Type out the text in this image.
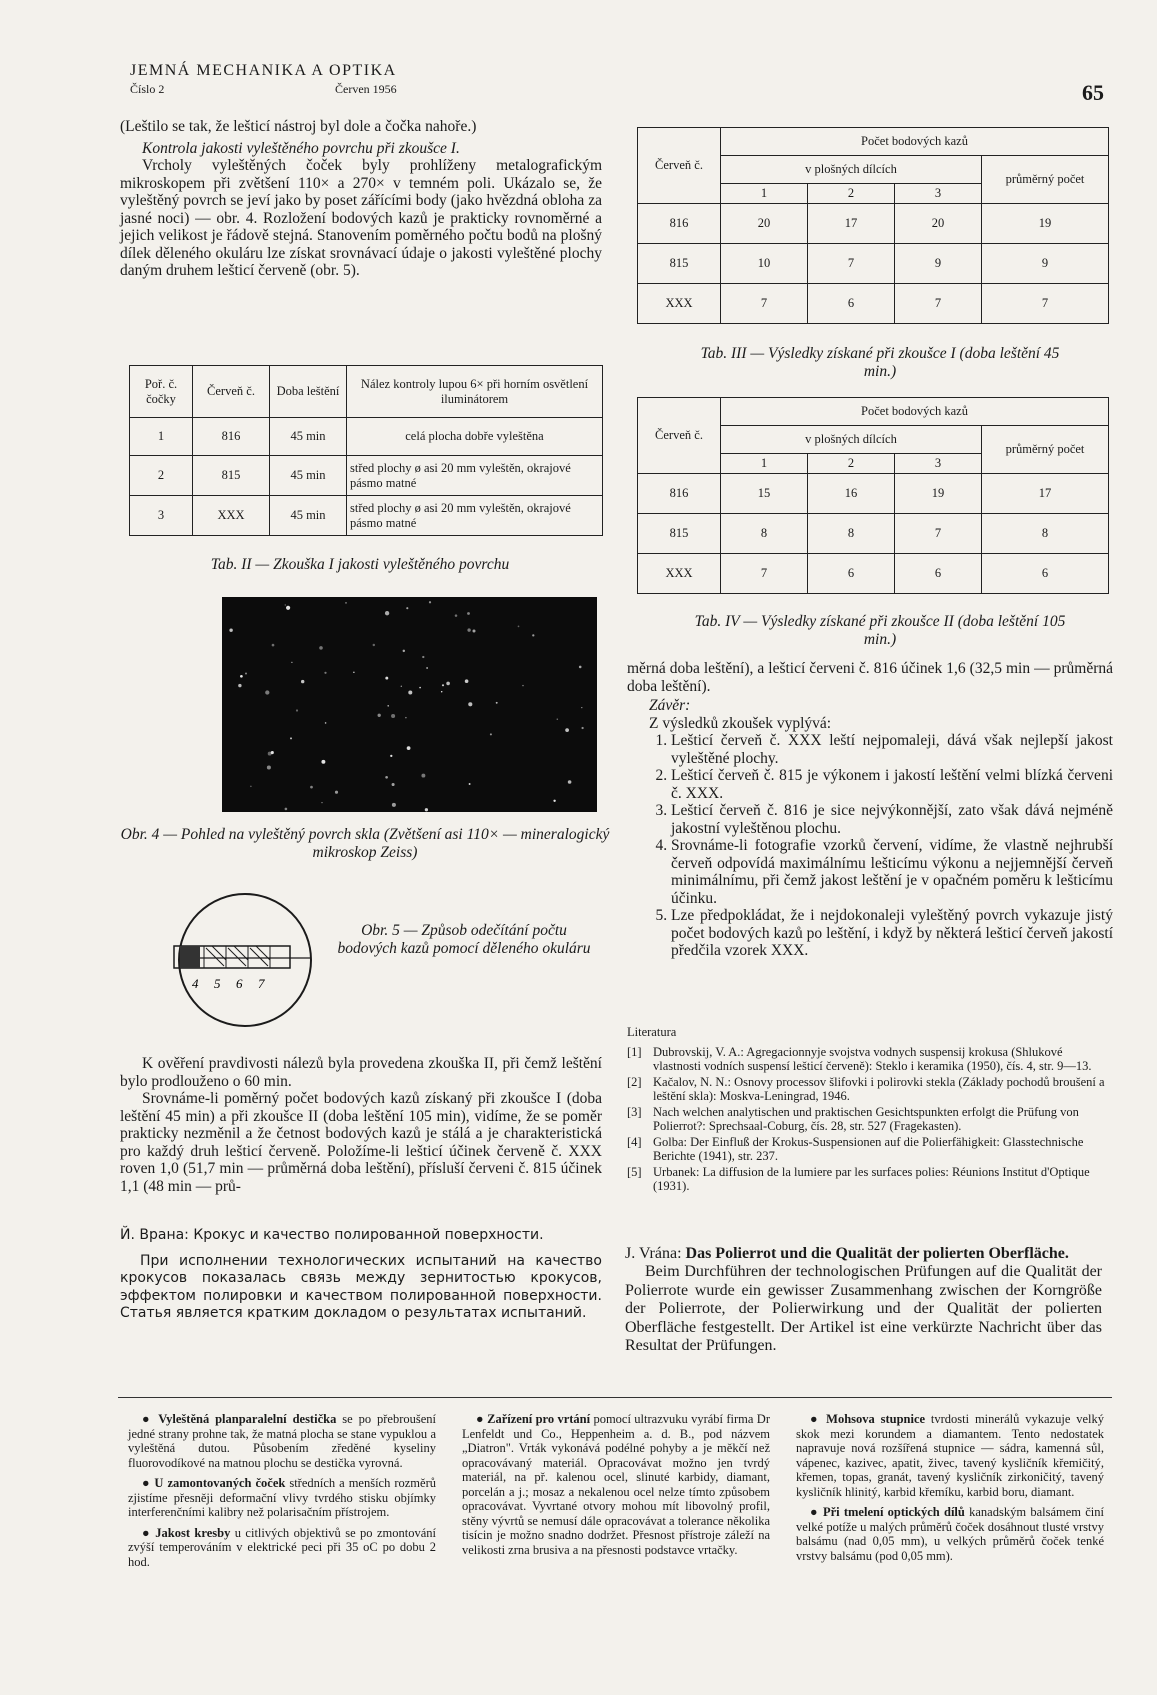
JEMNÁ MECHANIKA A OPTIKA
Číslo 2	Červen 1956	65

(Leštilo se tak, že lešticí nástroj byl dole a čočka nahoře.)

Kontrola jakosti vyleštěného povrchu při zkoušce I.

Vrcholy vyleštěných čoček byly prohlíženy metalografickým mikroskopem při zvětšení 110× a 270× v temném poli. Ukázalo se, že vyleštěný povrch se jeví jako by poset zářícími body (jako hvězdná obloha za jasné noci) — obr. 4. Rozložení bodových kazů je prakticky rovnoměrné a jejich velikost je řádově stejná. Stanovením poměrného počtu bodů na plošný dílek děleného okuláru lze získat srovnávací údaje o jakosti vyleštěné plochy daným druhem lešticí červeně (obr. 5).

Poř. č. čočky	Červeň č.	Doba leštění	Nález kontroly lupou 6× při horním osvětlení iluminátorem
1	816	45 min	celá plocha dobře vyleštěna
2	815	45 min	střed plochy ø asi 20 mm vyleštěn, okrajové pásmo matné
3	XXX	45 min	střed plochy ø asi 20 mm vyleštěn, okrajové pásmo matné
Tab. II — Zkouška I jakosti vyleštěného povrchu
Obr. 4 — Pohled na vyleštěný povrch skla (Zvětšení asi 110× — mineralogický mikroskop Zeiss)
4 5 6 7
Obr. 5 — Způsob odečítání počtu bodových kazů pomocí děleného okuláru

K ověření pravdivosti nálezů byla provedena zkouška II, při čemž leštění bylo prodlouženo o 60 min.

Srovnáme-li poměrný počet bodových kazů získaný při zkoušce I (doba leštění 45 min) a při zkoušce II (doba leštění 105 min), vidíme, že se poměr prakticky nezměnil a že četnost bodových kazů je stálá a je charakteristická pro každý druh lešticí červeně. Položíme-li lešticí účinek červeně č. XXX roven 1,0 (51,7 min — průměrná doba leštění), přísluší červeni č. 815 účinek 1,1 (48 min — prů-

Й. Врана: Крокус и качество полированной поверхности.

При исполнении технологических испытаний на качество крокусов показалась связь между зернитостью крокусов, эффектом полировки и качеством полированной поверхности. Статья является кратким докладом о результатах испытаний.

Červeň č.	Počet bodových kazů			
	v plošných dílcích			průměrný počet
	1	2	3	
816	20	17	20	19
815	10	7	9	9
XXX	7	6	7	7
Tab. III — Výsledky získané při zkoušce I (doba leštění 45 min.)
Červeň č.	Počet bodových kazů			
	v plošných dílcích			průměrný počet
	1	2	3	
816	15	16	19	17
815	8	8	7	8
XXX	7	6	6	6
Tab. IV — Výsledky získané při zkoušce II (doba leštění 105 min.)

měrná doba leštění), a lešticí červeni č. 816 účinek 1,6 (32,5 min — průměrná doba leštění).

Závěr:

Z výsledků zkoušek vyplývá:

1. Lešticí červeň č. XXX leští nejpomaleji, dává však nejlepší jakost vyleštěné plochy.
2. Lešticí červeň č. 815 je výkonem i jakostí leštění velmi blízká červeni č. XXX.
3. Lešticí červeň č. 816 je sice nejvýkonnější, zato však dává nejméně jakostní vyleštěnou plochu.
4. Srovnáme-li fotografie vzorků červení, vidíme, že vlastně nejhrubší červeň odpovídá maximálnímu lešticímu výkonu a nejjemnější červeň minimálnímu, při čemž jakost leštění je v opačném poměru k lešticímu účinku.
5. Lze předpokládat, že i nejdokonaleji vyleštěný povrch vykazuje jistý počet bodových kazů po leštění, i když by některá lešticí červeň jakostí předčila vzorek XXX.
Literatura
[1] Dubrovskij, V. A.: Agregacionnyje svojstva vodnych suspensij krokusa (Shlukové vlastnosti vodních suspensí lešticí červeně): Steklo i keramika (1950), čís. 4, str. 9—13.
[2] Kačalov, N. N.: Osnovy processov šlifovki i polirovki stekla (Základy pochodů broušení a leštění skla): Moskva-Leningrad, 1946.
[3] Nach welchen analytischen und praktischen Gesichtspunkten erfolgt die Prüfung von Polierrot?: Sprechsaal-Coburg, čís. 28, str. 527 (Fragekasten).
[4] Golba: Der Einfluß der Krokus-Suspensionen auf die Polierfähigkeit: Glasstechnische Berichte (1941), str. 237.
[5] Urbanek: La diffusion de la lumiere par les surfaces polies: Réunions Institut d'Optique (1931).

J. Vrána: Das Polierrot und die Qualität der polierten Oberfläche.

Beim Durchführen der technologischen Prüfungen auf die Qualität der Polierrote wurde ein gewisser Zusammenhang zwischen der Korngröße der Polierrote, der Polierwirkung und der Qualität der polierten Oberfläche festgestellt. Der Artikel ist eine verkürzte Nachricht über das Resultat der Prüfungen.

● Vyleštěná planparalelní destička se po přebroušení jedné strany prohne tak, že matná plocha se stane vypuklou a vyleštěná dutou. Působením zředěné kyseliny fluorovodíkové na matnou plochu se destička vyrovná.

● U zamontovaných čoček středních a menších rozměrů zjistíme přesněji deformační vlivy tvrdého stisku objímky interferenčními kalibry než polarisačním přístrojem.

● Jakost kresby u citlivých objektivů se po zmontování zvýší temperováním v elektrické peci při 35 oC po dobu 2 hod.

● Zařízení pro vrtání pomocí ultrazvuku vyrábí firma Dr Lenfeldt und Co., Heppenheim a. d. B., pod názvem „Diatron". Vrták vykonává podélné pohyby a je měkčí než opracovávaný materiál. Opracovávat možno jen tvrdý materiál, na př. kalenou ocel, slinuté karbidy, diamant, porcelán a j.; mosaz a nekalenou ocel nelze tímto způsobem opracovávat. Vyvrtané otvory mohou mít libovolný profil, stěny vývrtů se nemusí dále opracovávat a tolerance několika tisícin je možno snadno dodržet. Přesnost přístroje záleží na velikosti zrna brusiva a na přesnosti podstavce vrtačky.

● Mohsova stupnice tvrdosti minerálů vykazuje velký skok mezi korundem a diamantem. Tento nedostatek napravuje nová rozšířená stupnice — sádra, kamenná sůl, vápenec, kazivec, apatit, živec, tavený kysličník křemičitý, křemen, topas, granát, tavený kysličník zirkoničitý, tavený kysličník hlinitý, karbid křemíku, karbid boru, diamant.

● Při tmelení optických dílů kanadským balsámem činí velké potíže u malých průměrů čoček dosáhnout tlusté vrstvy balsámu (nad 0,05 mm), u velkých průměrů čoček tenké vrstvy balsámu (pod 0,05 mm).
